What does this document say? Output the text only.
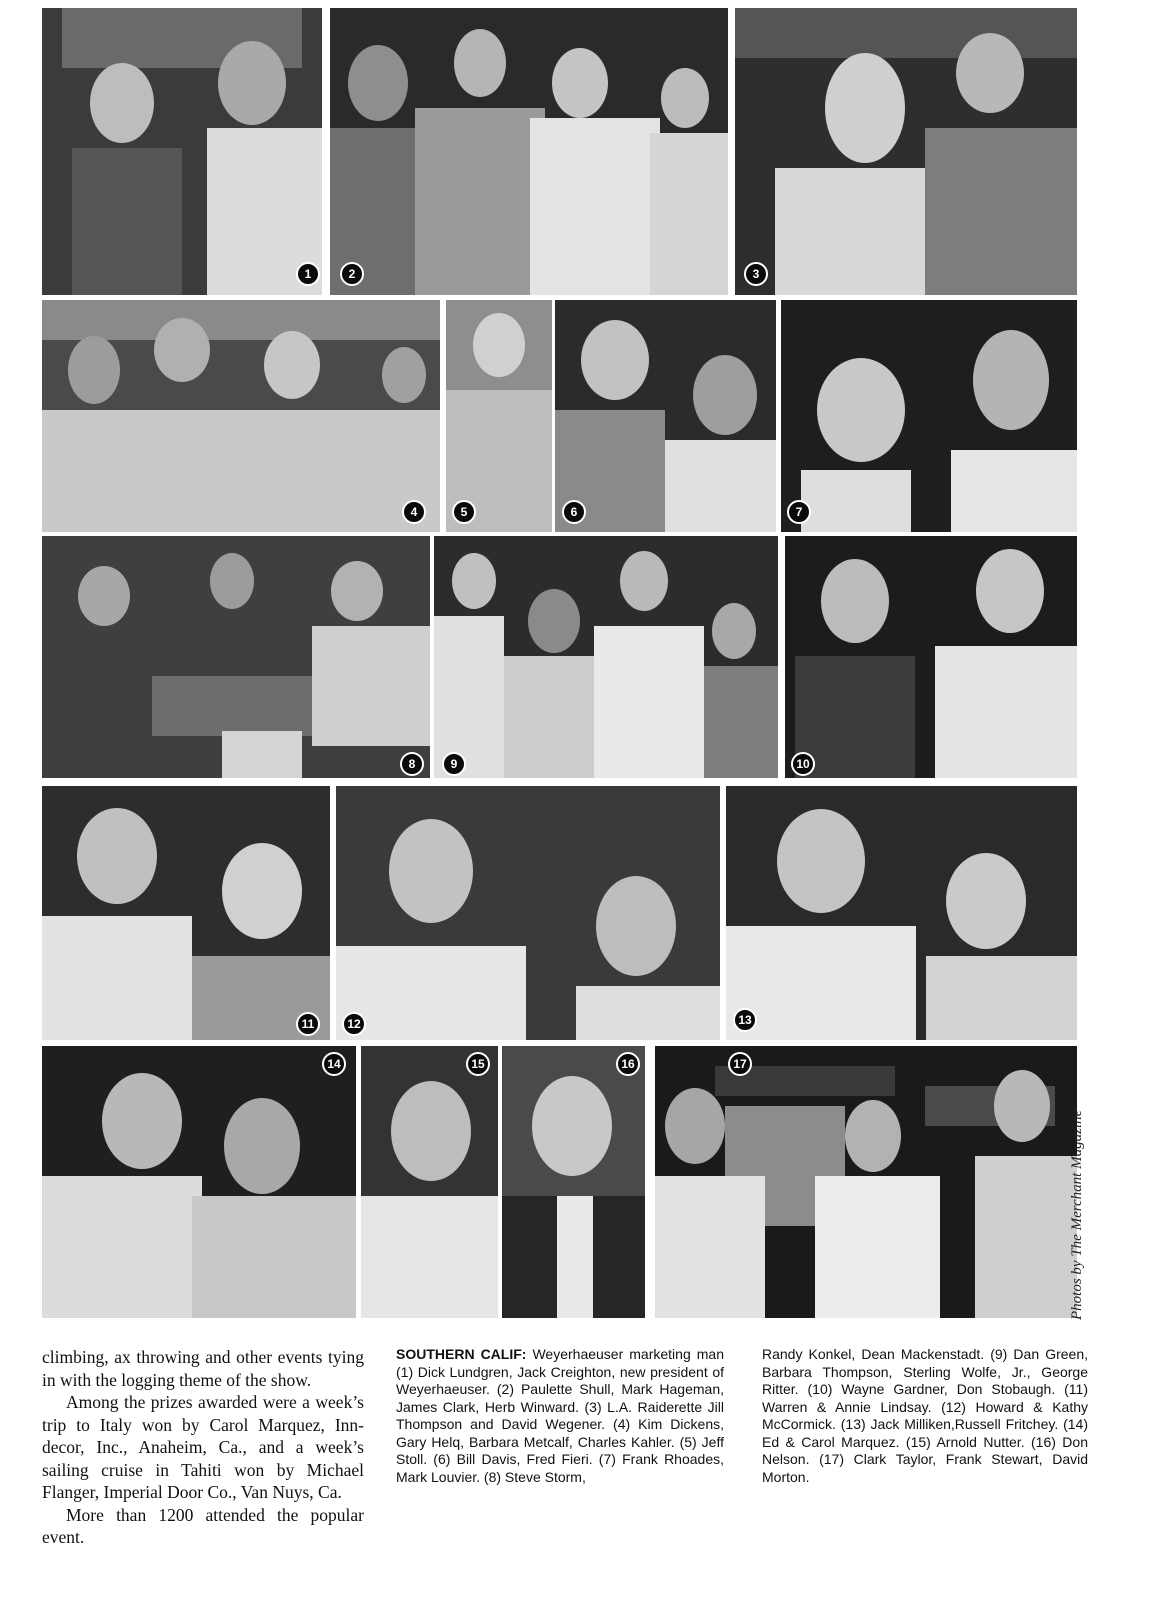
1	2	3
4	5	6	7
8	9	10
11	12	13
14	15	16	17
Photos by The Merchant Magazine

climbing, ax throwing and other events tying in with the logging theme of the show.

Among the prizes awarded were a week’s trip to Italy won by Carol Marquez, Inn-decor, Inc., Anaheim, Ca., and a week’s sailing cruise in Tahiti won by Michael Flanger, Imperial Door Co., Van Nuys, Ca.

More than 1200 attended the popular event.

SOUTHERN CALIF: Weyerhaeuser marketing man (1) Dick Lundgren, Jack Creighton, new president of Weyerhaeuser. (2) Paulette Shull, Mark Hageman, James Clark, Herb Winward. (3) L.A. Raiderette Jill Thompson and David Wegener. (4) Kim Dickens, Gary Helq, Barbara Metcalf, Charles Kahler. (5) Jeff Stoll. (6) Bill Davis, Fred Fieri. (7) Frank Rhoades, Mark Louvier. (8) Steve Storm,
Randy Konkel, Dean Mackenstadt. (9) Dan Green, Barbara Thompson, Sterling Wolfe, Jr., George Ritter. (10) Wayne Gardner, Don Stobaugh. (11) Warren & Annie Lindsay. (12) Howard & Kathy McCormick. (13) Jack Milliken,Russell Fritchey. (14) Ed & Carol Marquez. (15) Arnold Nutter. (16) Don Nelson. (17) Clark Taylor, Frank Stewart, David Morton.
